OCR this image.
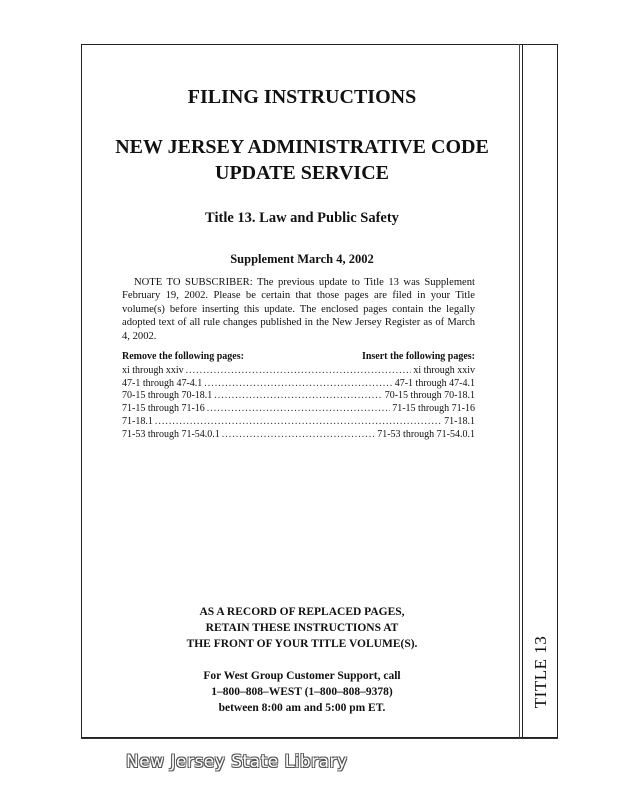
TITLE 13
FILING INSTRUCTIONS
NEW JERSEY ADMINISTRATIVE CODE
UPDATE SERVICE
Title 13. Law and Public Safety
Supplement March 4, 2002
NOTE TO SUBSCRIBER: The previous update to Title 13 was Supplement February 19, 2002. Please be certain that those pages are filed in your Title volume(s) before inserting this update. The enclosed pages contain the legally adopted text of all rule changes published in the New Jersey Register as of March 4, 2002.
Remove the following pages:	Insert the following pages:
xi through xxiv .....	xi through xxiv
47-1 through 47-4.1 .....	47-1 through 47-4.1
70-15 through 70-18.1 .....	70-15 through 70-18.1
71-15 through 71-16 .....	71-15 through 71-16
71-18.1 .....	71-18.1
71-53 through 71-54.0.1 .....	71-53 through 71-54.0.1
AS A RECORD OF REPLACED PAGES,
RETAIN THESE INSTRUCTIONS AT
THE FRONT OF YOUR TITLE VOLUME(S).
For West Group Customer Support, call
1–800–808–WEST (1–800–808–9378)
between 8:00 am and 5:00 pm ET.
New Jersey State Library
